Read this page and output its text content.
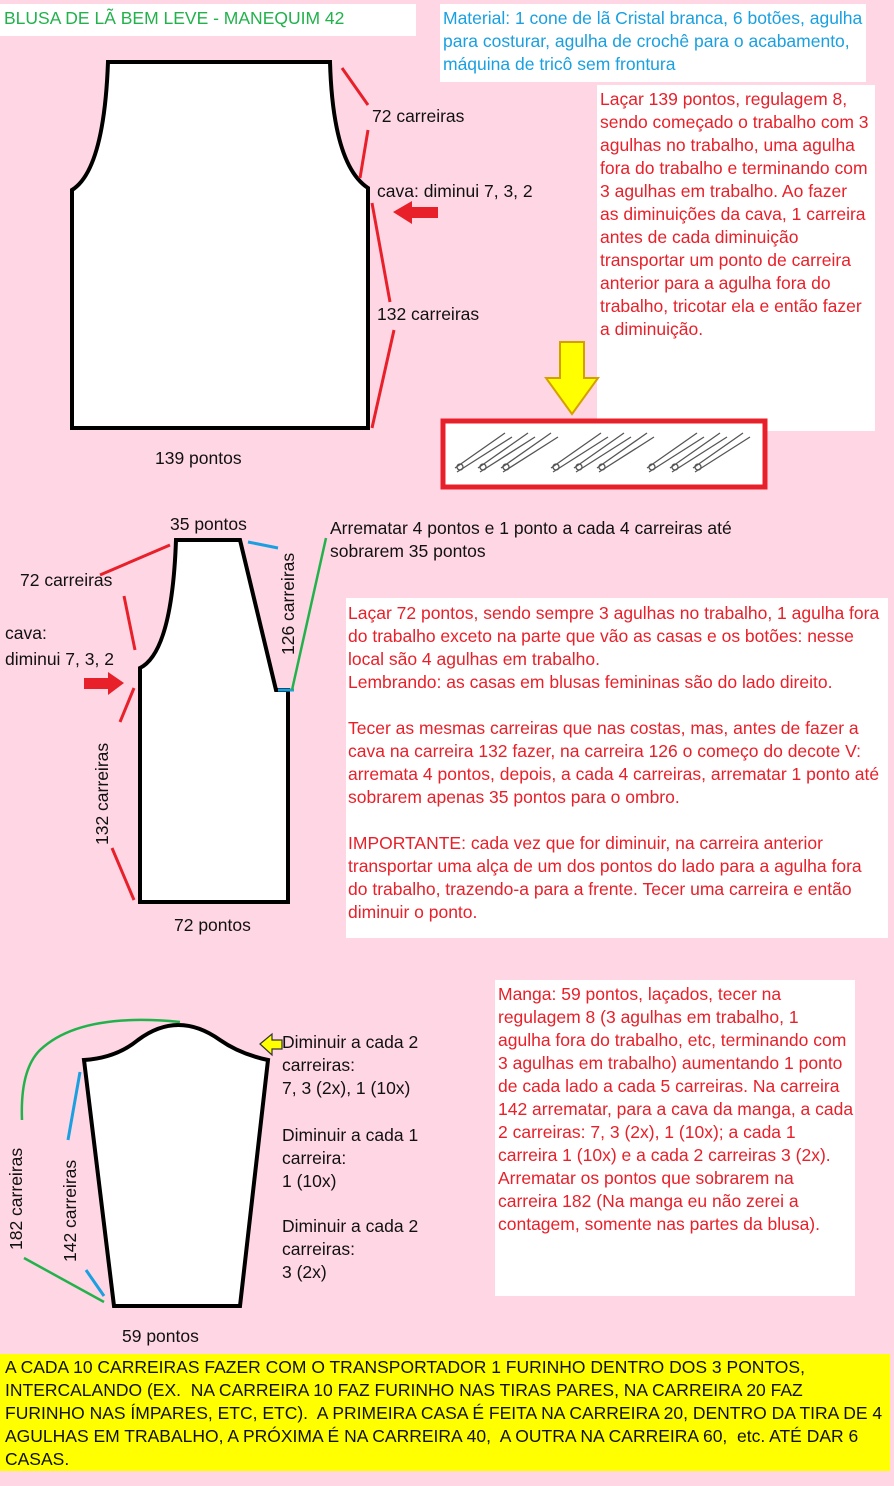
BLUSA DE LÃ BEM LEVE - MANEQUIM 42	Material: 1 cone de lã Cristal branca, 6 botões, agulha para costurar, agulha de crochê para o acabamento, máquina de tricô sem frontura
Laçar 139 pontos, regulagem 8, sendo começado o trabalho com 3 agulhas no trabalho, uma agulha fora do trabalho e terminando com 3 agulhas em trabalho. Ao fazer as diminuições da cava, 1 carreira antes de cada diminuição transportar um ponto de carreira anterior para a agulha fora do trabalho, tricotar ela e então fazer a diminuição.
Arrematar 4 pontos e 1 ponto a cada 4 carreiras até sobrarem 35 pontos
Laçar 72 pontos, sendo sempre 3 agulhas no trabalho, 1 agulha fora do trabalho exceto na parte que vão as casas e os botões: nesse local são 4 agulhas em trabalho.
Lembrando: as casas em blusas femininas são do lado direito.
Tecer as mesmas carreiras que nas costas, mas, antes de fazer a cava na carreira 132 fazer, na carreira 126 o começo do decote V: arremata 4 pontos, depois, a cada 4 carreiras, arrematar 1 ponto até sobrarem apenas 35 pontos para o ombro.
IMPORTANTE: cada vez que for diminuir, na carreira anterior transportar uma alça de um dos pontos do lado para a agulha fora do trabalho, trazendo-a para a frente. Tecer uma carreira e então diminuir o ponto.
Manga: 59 pontos, laçados, tecer na regulagem 8 (3 agulhas em trabalho, 1 agulha fora do trabalho, etc, terminando com 3 agulhas em trabalho) aumentando 1 ponto de cada lado a cada 5 carreiras. Na carreira 142 arrematar, para a cava da manga, a cada 2 carreiras: 7, 3 (2x), 1 (10x); a cada 1 carreira 1 (10x) e a cada 2 carreiras 3 (2x). Arrematar os pontos que sobrarem na carreira 182 (Na manga eu não zerei a contagem, somente nas partes da blusa).
72 carreiras
cava: diminui 7, 3, 2
132 carreiras
139 pontos
35 pontos
72 carreiras
cava:
diminui 7, 3, 2
126 carreiras
132 carreiras
72 pontos
Diminuir a cada 2
carreiras:
7, 3 (2x), 1 (10x)
Diminuir a cada 1
carreira:
1 (10x)
Diminuir a cada 2
carreiras:
3 (2x)
182 carreiras 142 carreiras
59 pontos
A CADA 10 CARREIRAS FAZER COM O TRANSPORTADOR 1 FURINHO DENTRO DOS 3 PONTOS, INTERCALANDO (EX.  NA CARREIRA 10 FAZ FURINHO NAS TIRAS PARES, NA CARREIRA 20 FAZ FURINHO NAS ÍMPARES, ETC, ETC).  A PRIMEIRA CASA É FEITA NA CARREIRA 20, DENTRO DA TIRA DE 4 AGULHAS EM TRABALHO, A PRÓXIMA É NA CARREIRA 40,  A OUTRA NA CARREIRA 60,  etc. ATÉ DAR 6 CASAS.
